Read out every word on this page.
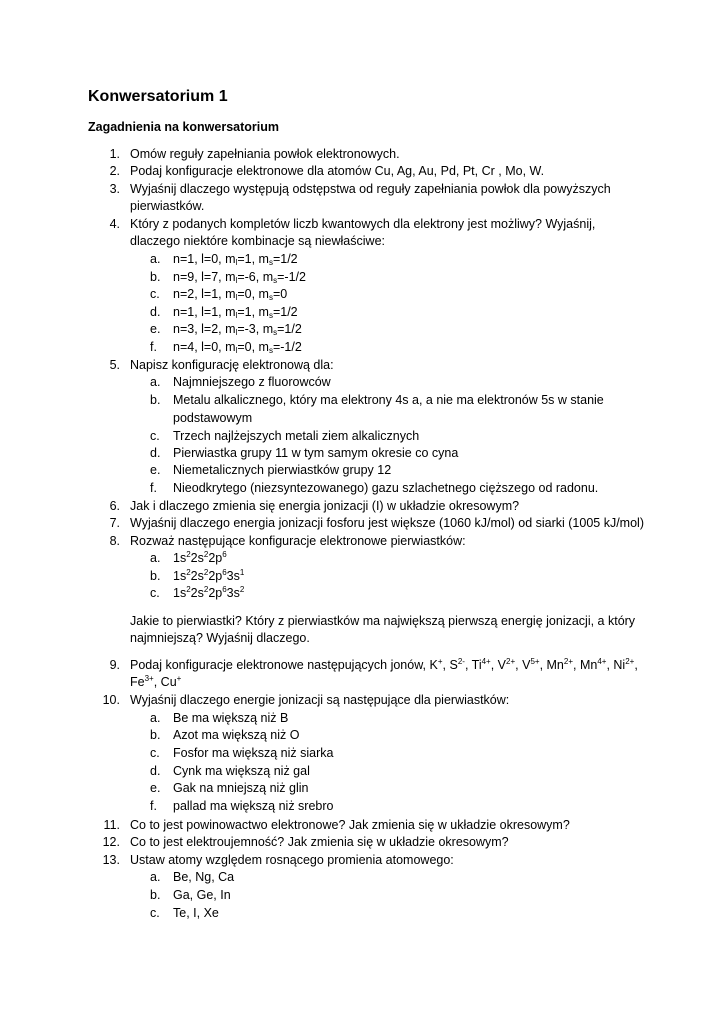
Konwersatorium 1
Zagadnienia na konwersatorium
1. Omów reguły zapełniania powłok elektronowych.
2. Podaj konfiguracje elektronowe dla atomów Cu, Ag, Au, Pd, Pt, Cr , Mo, W.
3. Wyjaśnij dlaczego występują odstępstwa od reguły zapełniania powłok dla powyższych
pierwiastków.
4. Który z podanych kompletów liczb kwantowych dla elektrony jest możliwy? Wyjaśnij,
dlaczego niektóre kombinacje są niewłaściwe:
a. n=1, l=0, $m_l=1$, $m_s=1/2$
b. n=9, l=7, $m_l=-6$, $m_s=-1/2$
c. n=2, l=1, $m_l=0$, $m_s=0$
d. n=1, l=1, $m_l=1$, $m_s=1/2$
e. n=3, l=2, $m_l=-3$, $m_s=1/2$
f. n=4, l=0, $m_l=0$, $m_s=-1/2$
5. Napisz konfigurację elektronową dla:
a. Najmniejszego z fluorowców
b. Metalu alkalicznego, który ma elektrony 4s a, a nie ma elektronów 5s w stanie
podstawowym
c. Trzech najlżejszych metali ziem alkalicznych
d. Pierwiastka grupy 11 w tym samym okresie co cyna
e. Niemetalicznych pierwiastków grupy 12
f. Nieodkrytego (niezsyntezowanego) gazu szlachetnego cięższego od radonu.
6. Jak i dlaczego zmienia się energia jonizacji (I) w układzie okresowym?
7. Wyjaśnij dlaczego energia jonizacji fosforu jest większe (1060 kJ/mol) od siarki (1005 kJ/mol)
8. Rozważ następujące konfiguracje elektronowe pierwiastków:
a. $1s^22s^22p^6$
b. $1s^22s^22p^63s^1$
c. $1s^22s^22p^63s^2$
Jakie to pierwiastki? Który z pierwiastków ma największą pierwszą energię jonizacji, a który
najmniejszą? Wyjaśnij dlaczego.
9. Podaj konfiguracje elektronowe następujących jonów, K+, $S^{2-}$, $Ti^{4+}$, $V^{2+}$, $V^{5+}$, $Mn^{2+}$, $Mn^{4+}$, $Ni^{2+}$,
$Fe^{3+}$, Cu+
10. Wyjaśnij dlaczego energie jonizacji są następujące dla pierwiastków:
a. Be ma większą niż B
b. Azot ma większą niż O
c. Fosfor ma większą niż siarka
d. Cynk ma większą niż gal
e. Gak na mniejszą niż glin
f. pallad ma większą niż srebro
11. Co to jest powinowactwo elektronowe? Jak zmienia się w układzie okresowym?
12. Co to jest elektroujemność? Jak zmienia się w układzie okresowym?
13. Ustaw atomy względem rosnącego promienia atomowego:
a. Be, Ng, Ca
b. Ga, Ge, In
c. Te, I, Xe
